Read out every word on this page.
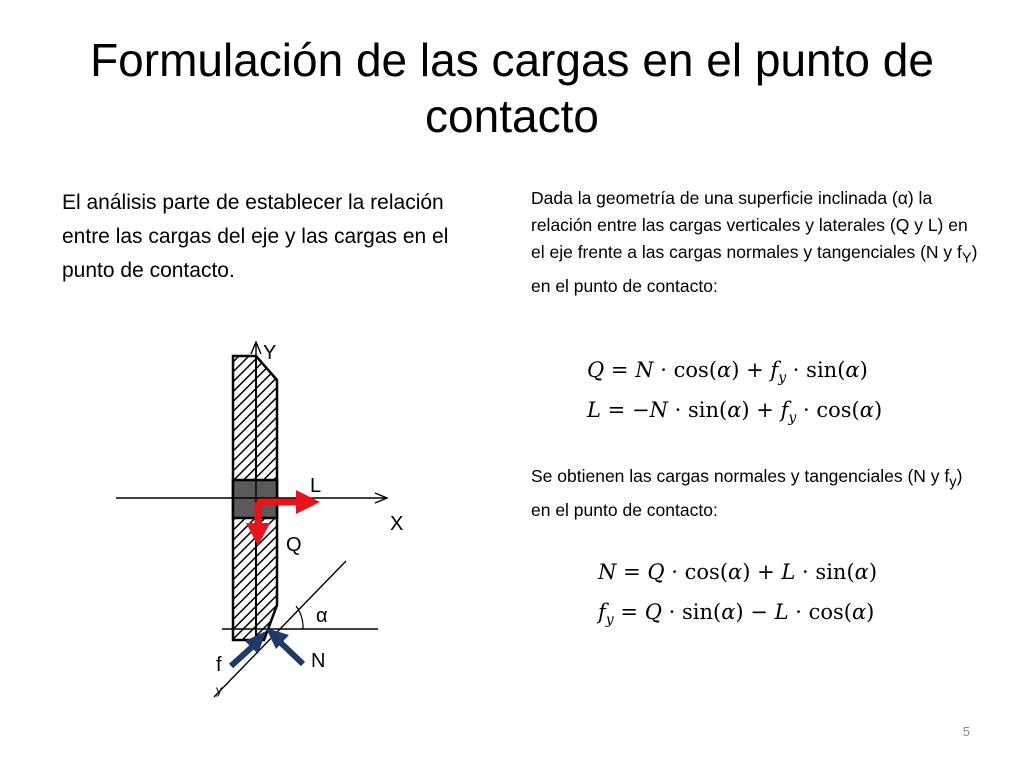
Formulación de las cargas en el punto de contacto

El análisis parte de establecer la relación entre las cargas del eje y las cargas en el punto de contacto.

Dada la geometría de una superficie inclinada (α) la relación entre las cargas verticales y laterales (Q y L) en el eje frente a las cargas normales y tangenciales (N y $f_Y$) en el punto de contacto:

$Q = N \cdot \cos(\alpha) + f_y \cdot \sin(\alpha)$
$L = -N \cdot \sin(\alpha) + f_y \cdot \cos(\alpha)$

Se obtienen las cargas normales y tangenciales (N y $f_y$) en el punto de contacto:

N = Q · cos(α) + L · sin(α)
$f_y = Q \cdot \sin(\alpha) - L \cdot \cos(\alpha)$
Y
X
α
L
Q
N
f
y
5
